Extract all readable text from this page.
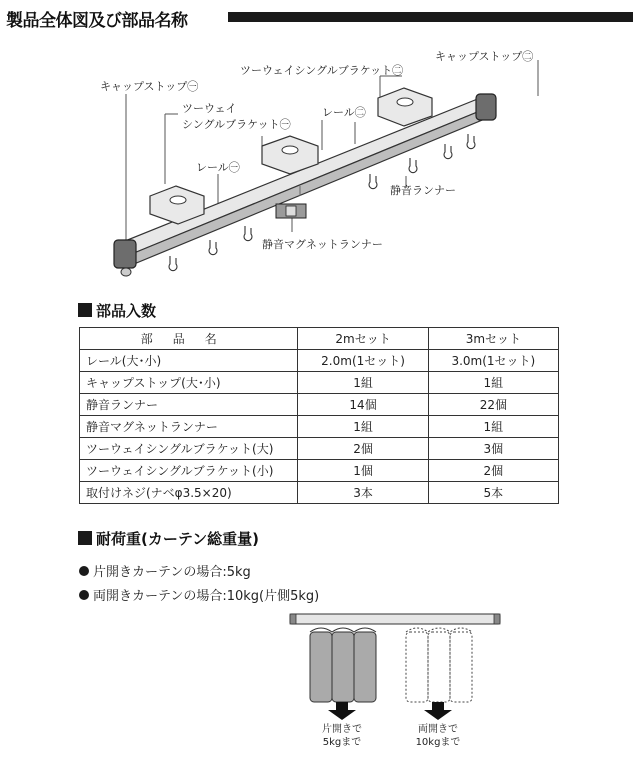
製品全体図及び部品名称
キャップストップ㊀
キャップストップ㊁
ツーウェイシングルブラケット㊁
ツーウェイ
シングルブラケット㊀
レール㊁
レール㊀
静音ランナー
静音マグネットランナー
部品入数
部品名	2mセット	3mセット
レール(大･小)	2.0m(1セット)	3.0m(1セット)
キャップストップ(大･小)	1組	1組
静音ランナー	14個	22個
静音マグネットランナー	1組	1組
ツーウェイシングルブラケット(大)	2個	3個
ツーウェイシングルブラケット(小)	1個	2個
取付けネジ(ナベφ3.5×20)	3本	5本
耐荷重(カーテン総重量)
片開きカーテンの場合:5kg
両開きカーテンの場合:10kg(片側5kg)
片開きで
5kgまで
両開きで
10kgまで
